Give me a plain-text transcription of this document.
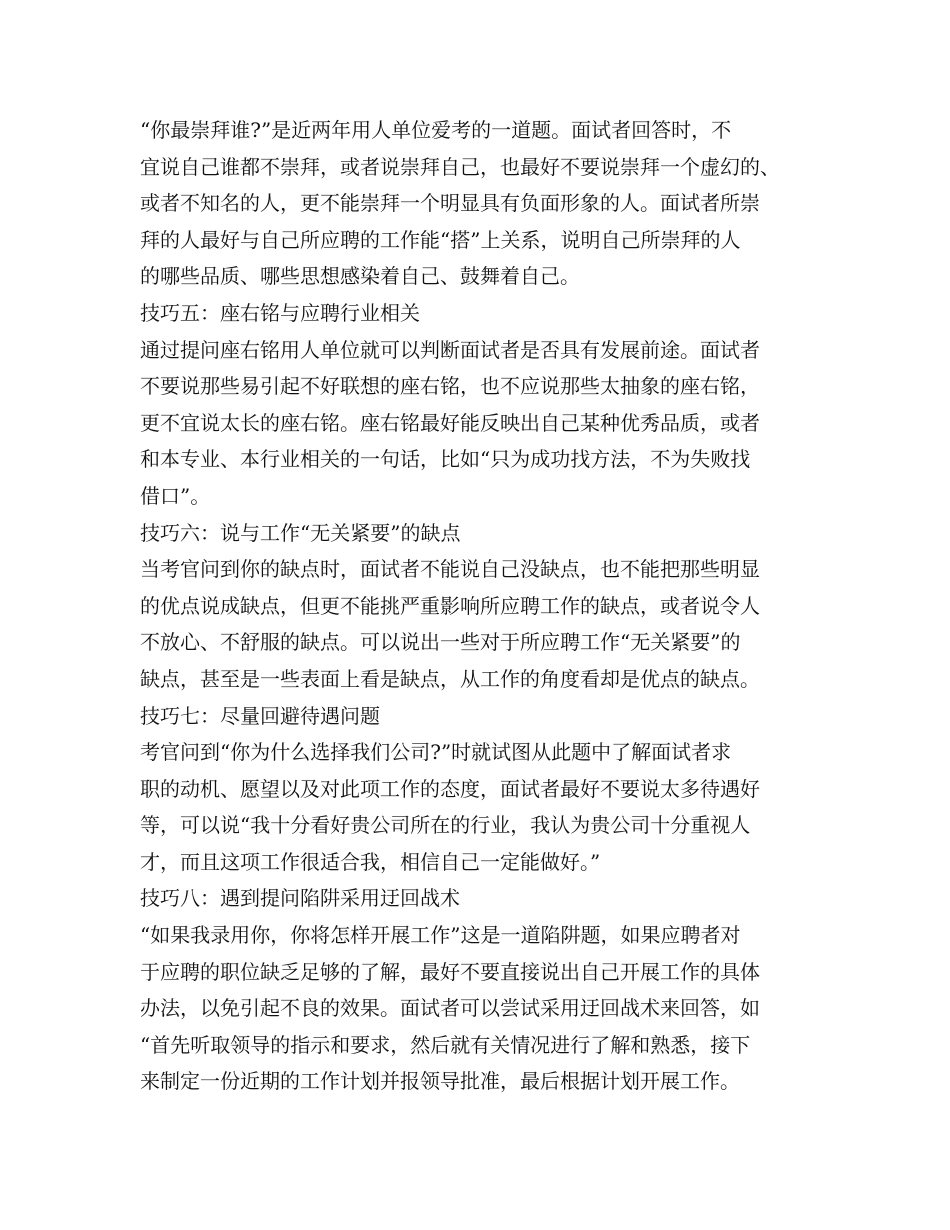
“你最崇拜谁?”是近两年用人单位爱考的一道题。面试者回答时，不
宜说自己谁都不崇拜，或者说崇拜自己，也最好不要说崇拜一个虚幻的、
或者不知名的人，更不能崇拜一个明显具有负面形象的人。面试者所崇
拜的人最好与自己所应聘的工作能“搭”上关系，说明自己所崇拜的人
的哪些品质、哪些思想感染着自己、鼓舞着自己。
技巧五：座右铭与应聘行业相关
通过提问座右铭用人单位就可以判断面试者是否具有发展前途。面试者
不要说那些易引起不好联想的座右铭，也不应说那些太抽象的座右铭，
更不宜说太长的座右铭。座右铭最好能反映出自己某种优秀品质，或者
和本专业、本行业相关的一句话，比如“只为成功找方法，不为失败找
借口”。
技巧六：说与工作“无关紧要”的缺点
当考官问到你的缺点时，面试者不能说自己没缺点，也不能把那些明显
的优点说成缺点，但更不能挑严重影响所应聘工作的缺点，或者说令人
不放心、不舒服的缺点。可以说出一些对于所应聘工作“无关紧要”的
缺点，甚至是一些表面上看是缺点，从工作的角度看却是优点的缺点。
技巧七：尽量回避待遇问题
考官问到“你为什么选择我们公司?”时就试图从此题中了解面试者求
职的动机、愿望以及对此项工作的态度，面试者最好不要说太多待遇好
等，可以说“我十分看好贵公司所在的行业，我认为贵公司十分重视人
才，而且这项工作很适合我，相信自己一定能做好。”
技巧八：遇到提问陷阱采用迂回战术
“如果我录用你，你将怎样开展工作”这是一道陷阱题，如果应聘者对
于应聘的职位缺乏足够的了解，最好不要直接说出自己开展工作的具体
办法，以免引起不良的效果。面试者可以尝试采用迂回战术来回答，如
“首先听取领导的指示和要求，然后就有关情况进行了解和熟悉，接下
来制定一份近期的工作计划并报领导批准，最后根据计划开展工作。
